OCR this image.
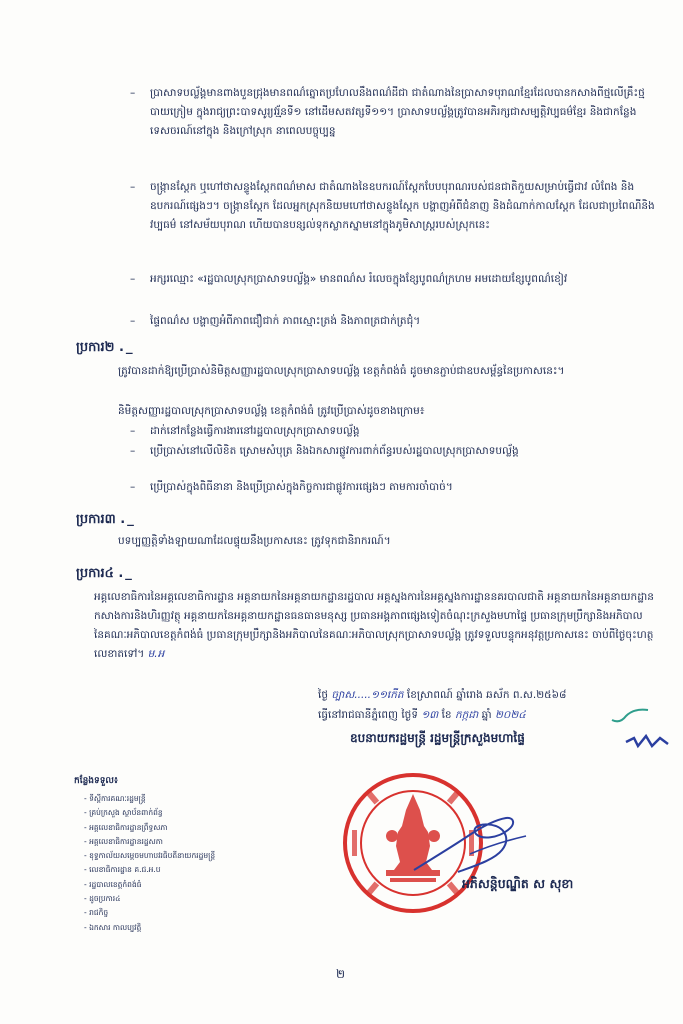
– ប្រាសាទបល្ល័ង្គមានពាងបួនជ្រុងមានពណ៌ត្នោតប្រហែលនឹងពណ៌ដីជា ជាតំណាងនៃប្រាសាទបុរាណខ្មែរដែលបានកសាងពីថ្មលើគ្រឹះថ្មបាយក្រៀម ក្នុងរាជ្យព្រះបាទសូរ្យវរ្ម័នទី១ នៅដើមសតវត្សទី១១។ ប្រាសាទបល្ល័ង្គត្រូវបានអភិរក្សជាសម្បត្តិវប្បធម៌ខ្មែរ និងជាកន្លែងទេសចរណ៍នៅក្នុង និងក្រៅស្រុក នាពេលបច្ចុប្បន្ន
– ចង្ក្រានស្ដែក ឬហៅថាសន្ទូងស្ដែកពណ៌មាស ជាតំណាងនៃឧបករណ៍ស្ដែកបែបបុរាណរបស់ជនជាតិកួយសម្រាប់ធ្វើជាវ លំពែង និងឧបករណ៍ផ្សេងៗ។ ចង្ក្រានស្ដែក ដែលអ្នកស្រុកនិយមហៅថាសន្ទូងស្ដែក បង្ហាញអំពីជំនាញ និងដំណាក់កាលស្ដែក ដែលជាប្រពៃណីនិងវប្បធម៌ នៅសម័យបុរាណ ហើយបានបន្សល់ទុកស្លាកស្នាមនៅក្នុងភូមិសាស្ត្ររបស់ស្រុកនេះ
– អក្សរឈ្មោះ «រដ្ឋបាលស្រុកប្រាសាទបល្ល័ង្គ» មានពណ៌ស រំលេចក្នុងខ្សែបូពណ៌ក្រហម អមដោយខ្សែបូពណ៌ខៀវ
– ផ្ទៃពណ៌ស បង្ហាញអំពីភាពជឿជាក់ ភាពស្មោះត្រង់ និងភាពត្រជាក់ត្រជុំ។
ប្រការ២ . _
ត្រូវបានដាក់ឱ្យប្រើប្រាស់និមិត្តសញ្ញារដ្ឋបាលស្រុកប្រាសាទបល្ល័ង្គ ខេត្តកំពង់ធំ ដូចមានភ្ជាប់ជាឧបសម្ព័ន្ធនៃប្រកាសនេះ។
និមិត្តសញ្ញារដ្ឋបាលស្រុកប្រាសាទបល្ល័ង្គ ខេត្តកំពង់ធំ ត្រូវប្រើប្រាស់ដូចខាងក្រោម៖
– ដាក់នៅកន្លែងធ្វើការងារនៅរដ្ឋបាលស្រុកប្រាសាទបល្ល័ង្គ
– ប្រើប្រាស់នៅលើលិខិត ស្រោមសំបុត្រ និងឯកសារផ្លូវការពាក់ព័ន្ធរបស់រដ្ឋបាលស្រុកប្រាសាទបល្ល័ង្គ
– ប្រើប្រាស់ក្នុងពិធីនានា និងប្រើប្រាស់ក្នុងកិច្ចការជាផ្លូវការផ្សេងៗ តាមការចាំបាច់។
ប្រការ៣ . _
បទប្បញ្ញត្តិទាំងឡាយណាដែលផ្ទុយនឹងប្រកាសនេះ ត្រូវទុកជានិរាករណ៍។
ប្រការ៤ . _
អគ្គលេខាធិការនៃអគ្គលេខាធិការដ្ឋាន អគ្គនាយកនៃអគ្គនាយកដ្ឋានរដ្ឋបាល អគ្គស្នងការនៃអគ្គស្នងការដ្ឋាននគរបាលជាតិ អគ្គនាយកនៃអគ្គនាយកដ្ឋានកសាងការនិងហិរញ្ញវត្ថុ អគ្គនាយកនៃអគ្គនាយកដ្ឋានធនធានមនុស្ស ប្រធានអង្គភាពផ្សេងទៀតចំណុះក្រសួងមហាផ្ទៃ ប្រធានក្រុមប្រឹក្សានិងអភិបាលនៃគណៈអភិបាលខេត្តកំពង់ធំ ប្រធានក្រុមប្រឹក្សានិងអភិបាលនៃគណៈអភិបាលស្រុកប្រាសាទបល្ល័ង្គ ត្រូវទទួលបន្ទុកអនុវត្តប្រកាសនេះ ចាប់ពីថ្ងៃចុះហត្ថលេខាតទៅ។ ម.អ
ថ្ងៃ ច្បាស.....១១កើត ខែស្រាពណ៍ ឆ្នាំរោង ឆស័ក ព.ស.២៥៦៨
ធ្វើនៅរាជធានីភ្នំពេញ ថ្ងៃទី ១៣ ខែ កក្កដា ឆ្នាំ ២០២៤
ឧបនាយករដ្ឋមន្ត្រី រដ្ឋមន្ត្រីក្រសួងមហាផ្ទៃ
អភិសន្តិបណ្ឌិត ស សុខា
កន្លែងទទួល៖
- ទីស្ដីការគណៈរដ្ឋមន្ត្រី
- គ្រប់ក្រសួង ស្ថាប័នពាក់ព័ន្ធ
- អគ្គលេខាធិការដ្ឋានព្រឹទ្ធសភា
- អគ្គលេខាធិការដ្ឋានរដ្ឋសភា
- ខុទ្ទកាល័យសម្ដេចមហាបវរធិបតីនាយករដ្ឋមន្ត្រី
- លេខាធិការដ្ឋាន គ.ជ.អ.ប
- រដ្ឋបាលខេត្តកំពង់ធំ
- ដូចប្រការ៤
- រាជកិច្ច
- ឯកសារ កាលប្បវត្តិ
២
